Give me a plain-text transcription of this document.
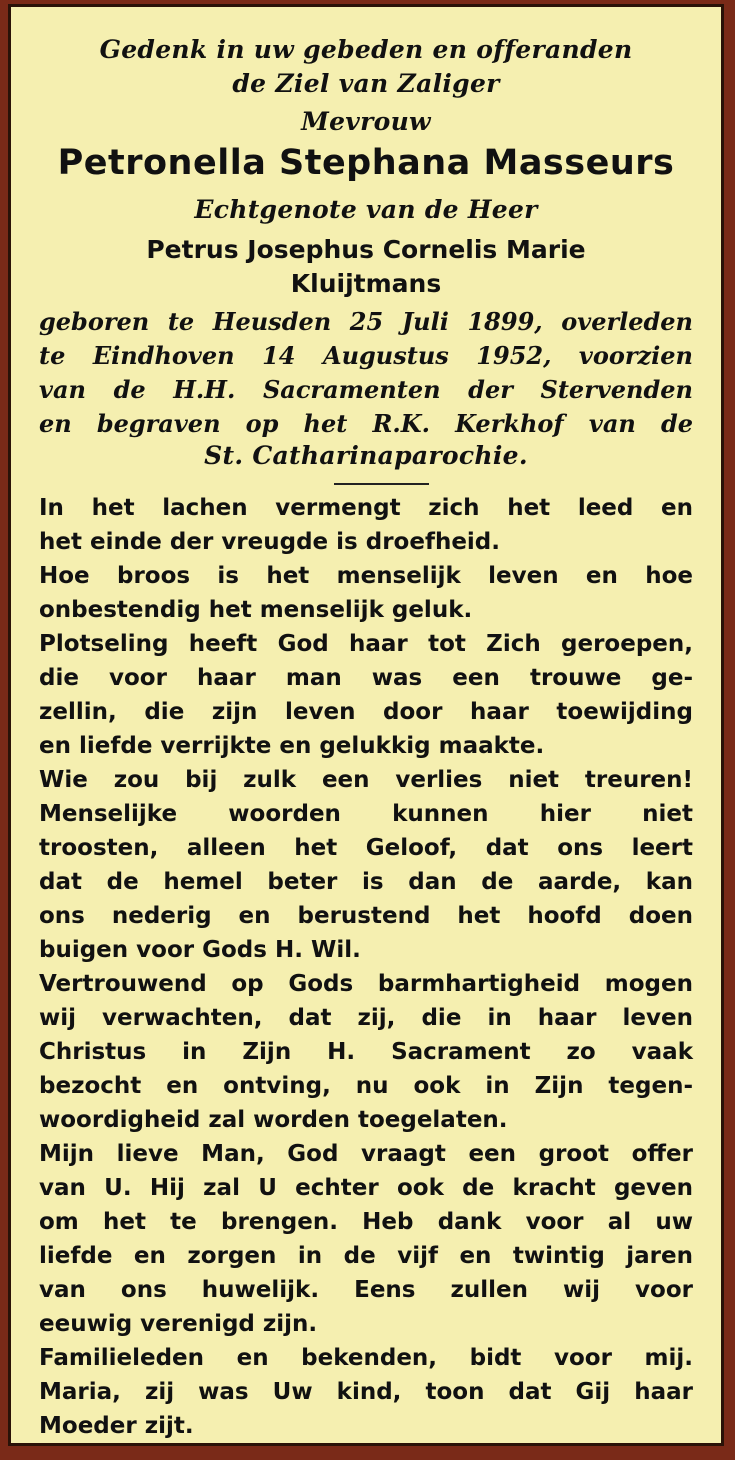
Gedenk in uw gebeden en offeranden
de Ziel van Zaliger
Mevrouw
Petronella Stephana Masseurs
Echtgenote van de Heer
Petrus Josephus Cornelis Marie
Kluijtmans
geboren te Heusden 25 Juli 1899, overleden
te Eindhoven 14 Augustus 1952, voorzien
van de H.H. Sacramenten der Stervenden
en begraven op het R.K. Kerkhof van de
St. Catharinaparochie.
In het lachen vermengt zich het leed en
het einde der vreugde is droefheid.
Hoe broos is het menselijk leven en hoe
onbestendig het menselijk geluk.
Plotseling heeft God haar tot Zich geroepen,
die voor haar man was een trouwe ge-
zellin, die zijn leven door haar toewijding
en liefde verrijkte en gelukkig maakte.
Wie zou bij zulk een verlies niet treuren!
Menselijke woorden kunnen hier niet
troosten, alleen het Geloof, dat ons leert
dat de hemel beter is dan de aarde, kan
ons nederig en berustend het hoofd doen
buigen voor Gods H. Wil.
Vertrouwend op Gods barmhartigheid mogen
wij verwachten, dat zij, die in haar leven
Christus in Zijn H. Sacrament zo vaak
bezocht en ontving, nu ook in Zijn tegen-
woordigheid zal worden toegelaten.
Mijn lieve Man, God vraagt een groot offer
van U. Hij zal U echter ook de kracht geven
om het te brengen. Heb dank voor al uw
liefde en zorgen in de vijf en twintig jaren
van ons huwelijk. Eens zullen wij voor
eeuwig verenigd zijn.
Familieleden en bekenden, bidt voor mij.
Maria, zij was Uw kind, toon dat Gij haar
Moeder zijt.
